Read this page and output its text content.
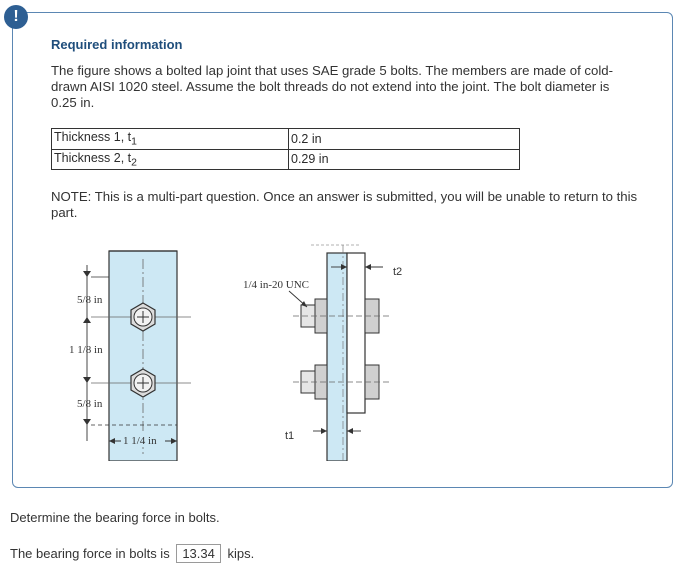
Required information
The figure shows a bolted lap joint that uses SAE grade 5 bolts. The members are made of cold-drawn AISI 1020 steel. Assume the bolt threads do not extend into the joint. The bolt diameter is 0.25 in.
Thickness 1, $t_1$	0.2 in
Thickness 2, $t_2$	0.29 in
NOTE: This is a multi-part question. Once an answer is submitted, you will be unable to return to this part.
5/8 in
1 1/8 in
5/8 in
1 1/4 in
1/4 in-20 UNC
t2
t1
!
Determine the bearing force in bolts.
The bearing force in bolts is 13.34 kips.
